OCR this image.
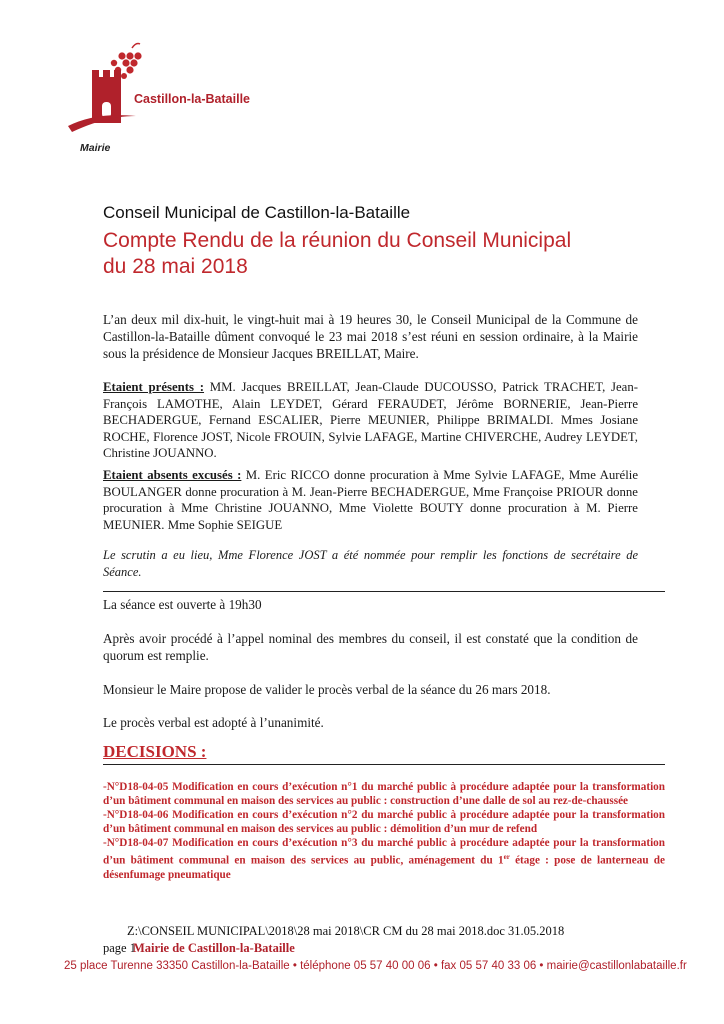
Castillon-la-Bataille
Mairie
Conseil Municipal de Castillon-la-Bataille
Compte Rendu de la réunion du Conseil Municipal
du 28 mai 2018
L’an deux mil dix-huit, le vingt-huit mai à 19 heures 30, le Conseil Municipal de la Commune de Castillon-la-Bataille dûment convoqué le 23 mai 2018 s’est réuni en session ordinaire, à la Mairie sous la présidence de Monsieur Jacques BREILLAT, Maire.
Etaient présents : MM. Jacques BREILLAT, Jean-Claude DUCOUSSO, Patrick TRACHET, Jean-François LAMOTHE, Alain LEYDET, Gérard FERAUDET, Jérôme BORNERIE, Jean-Pierre BECHADERGUE, Fernand ESCALIER, Pierre MEUNIER, Philippe BRIMALDI. Mmes Josiane ROCHE, Florence JOST, Nicole FROUIN, Sylvie LAFAGE, Martine CHIVERCHE, Audrey LEYDET, Christine JOUANNO.
Etaient absents excusés : M. Eric RICCO donne procuration à Mme Sylvie LAFAGE, Mme Aurélie BOULANGER donne procuration à M. Jean-Pierre BECHADERGUE, Mme Françoise PRIOUR donne procuration à Mme Christine JOUANNO, Mme Violette BOUTY donne procuration à M. Pierre MEUNIER. Mme Sophie SEIGUE
Le scrutin a eu lieu, Mme Florence JOST a été nommée pour remplir les fonctions de secrétaire de Séance.
La séance est ouverte à 19h30
Après avoir procédé à l’appel nominal des membres du conseil, il est constaté que la condition de quorum est remplie.
Monsieur le Maire propose de valider le procès verbal de la séance du 26 mars 2018.
Le procès verbal est adopté à l’unanimité.
DECISIONS :

-N°D18-04-05 Modification en cours d’exécution n°1 du marché public à procédure adaptée pour la transformation d’un bâtiment communal en maison des services au public : construction d’une dalle de sol au rez-de-chaussée

-N°D18-04-06 Modification en cours d’exécution n°2 du marché public à procédure adaptée pour la transformation d’un bâtiment communal en maison des services au public : démolition d’un mur de refend

-N°D18-04-07 Modification en cours d’exécution n°3 du marché public à procédure adaptée pour la transformation d’un bâtiment communal en maison des services au public, aménagement du 1er étage : pose de lanterneau de désenfumage pneumatique

Z:\CONSEIL MUNICIPAL\2018\28 mai 2018\CR CM du 28 mai 2018.doc 31.05.2018
page 1
Mairie de Castillon-la-Bataille
25 place Turenne 33350 Castillon-la-Bataille • téléphone 05 57 40 00 06 • fax 05 57 40 33 06 • mairie@castillonlabataille.fr
